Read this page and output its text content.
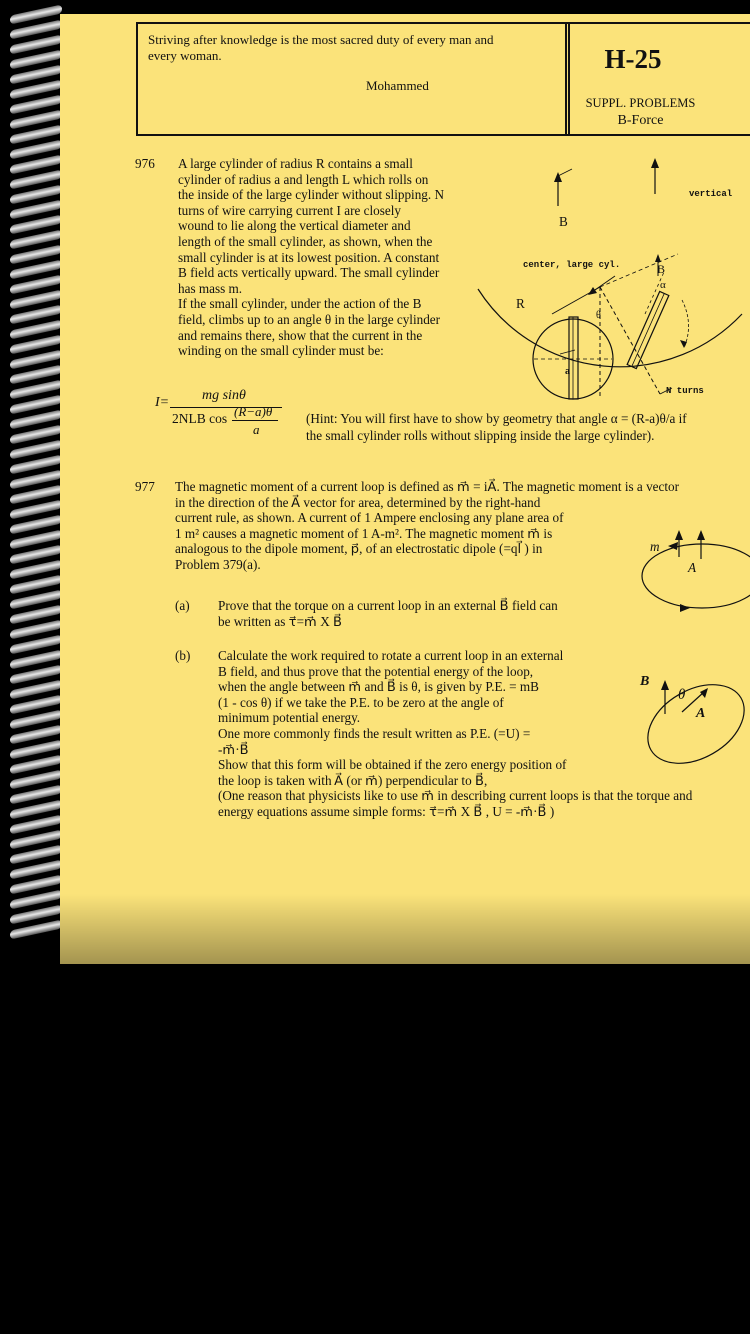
Striving after knowledge is the most sacred duty of every man and
every woman.
Mohammed
H-25
SUPPL. PROBLEMS
B-Force
976 A large cylinder of radius R contains a small
cylinder of radius a and length L which rolls on
the inside of the large cylinder without slipping. N
turns of wire carrying current I are closely
wound to lie along the vertical diameter and
length of the small cylinder, as shown, when the
small cylinder is at its lowest position. A constant
B field acts vertically upward. The small cylinder
has mass m.
If the small cylinder, under the action of the B
field, climbs up to an angle θ in the large cylinder
and remains there, show that the current in the
winding on the small cylinder must be:
I= mg sinθ
2NLB cos (R−a)θ
a
(Hint: You will first have to show by geometry that angle α = (R-a)θ/a if
the small cylinder rolls without slipping inside the large cylinder).
vertical
B
center, large cyl.
R
θ
α
a
B
N turns
977 The magnetic moment of a current loop is defined as m⃗ = iA⃗. The magnetic moment is a vector
in the direction of the A⃗ vector for area, determined by the right-hand
current rule, as shown. A current of 1 Ampere enclosing any plane area of
1 m² causes a magnetic moment of 1 A-m². The magnetic moment m⃗ is
analogous to the dipole moment, p⃗, of an electrostatic dipole (=ql⃗ ) in
Problem 379(a).
(a) Prove that the torque on a current loop in an external B⃗ field can
be written as τ⃗=m⃗ X B⃗
(b) Calculate the work required to rotate a current loop in an external
B field, and thus prove that the potential energy of the loop,
when the angle between m⃗ and B⃗ is θ, is given by P.E. = mB
(1 - cos θ) if we take the P.E. to be zero at the angle of
minimum potential energy.
One more commonly finds the result written as P.E. (=U) =
-m⃗·B⃗
Show that this form will be obtained if the zero energy position of
the loop is taken with A⃗ (or m⃗) perpendicular to B⃗,
(One reason that physicists like to use m⃗ in describing current loops is that the torque and
energy equations assume simple forms: τ⃗=m⃗ X B⃗ , U = -m⃗·B⃗ )
m
A
B
θ
A
